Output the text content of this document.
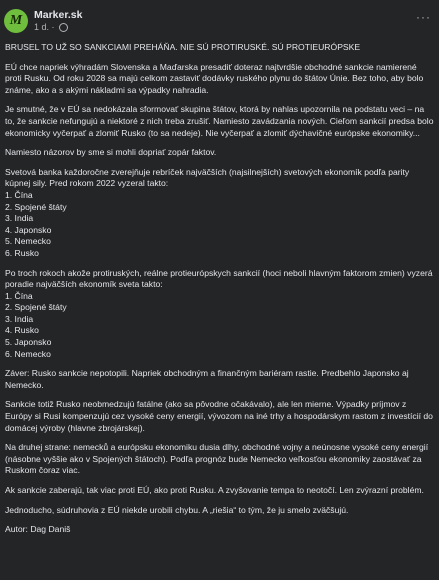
M	Marker.sk
1 d. ·
···

BRUSEL TO UŽ SO SANKCIAMI PREHÁŇA. NIE SÚ PROTIRUSKÉ. SÚ PROTIEURÓPSKE

EÚ chce napriek výhradám Slovenska a Maďarska presadiť doteraz najtvrdšie obchodné sankcie namierené proti Rusku. Od roku 2028 sa majú celkom zastaviť dodávky ruského plynu do štátov Únie. Bez toho, aby bolo známe, ako a s akými nákladmi sa výpadky nahradia.

Je smutné, že v EÚ sa nedokázala sformovať skupina štátov, ktorá by nahlas upozornila na podstatu veci – na to, že sankcie nefungujú a niektoré z nich treba zrušiť. Namiesto zavádzania nových. Cieľom sankcií predsa bolo ekonomicky vyčerpať a zlomiť Rusko (to sa nedeje). Nie vyčerpať a zlomiť dýchavičné európske ekonomiky...

Namiesto názorov by sme si mohli dopriať zopár faktov.

Svetová banka každoročne zverejňuje rebríček najväčších (najsilnejších) svetových ekonomík podľa parity kúpnej sily. Pred rokom 2022 vyzeral takto:

1. Čína
2. Spojené štáty
3. India
4. Japonsko
5. Nemecko
6. Rusko

Po troch rokoch akože protiruských, reálne protieurópskych sankcií (hoci neboli hlavným faktorom zmien) vyzerá poradie najväčších ekonomík sveta takto:

1. Čína
2. Spojené štáty
3. India
4. Rusko
5. Japonsko
6. Nemecko

Záver: Rusko sankcie nepotopili. Napriek obchodným a finančným bariéram rastie. Predbehlo Japonsko aj Nemecko.

Sankcie totiž Rusko neobmedzujú fatálne (ako sa pôvodne očakávalo), ale len mierne. Výpadky príjmov z Európy si Rusi kompenzujú cez vysoké ceny energií, vývozom na iné trhy a hospodárskym rastom z investícií do domácej výroby (hlavne zbrojárskej).

Na druhej strane: nemecků a európsku ekonomiku dusia dlhy, obchodné vojny a neúnosne vysoké ceny energií (násobne vyššie ako v Spojených štátoch). Podľa prognóz bude Nemecko veľkosťou ekonomiky zaostávať za Ruskom čoraz viac.

Ak sankcie zaberajú, tak viac proti EÚ, ako proti Rusku. A zvyšovanie tempa to neotočí. Len zvýrazní problém.

Jednoducho, súdruhovia z EÚ niekde urobili chybu. A „riešia“ to tým, že ju smelo zväčšujú.

Autor: Dag Daniš
